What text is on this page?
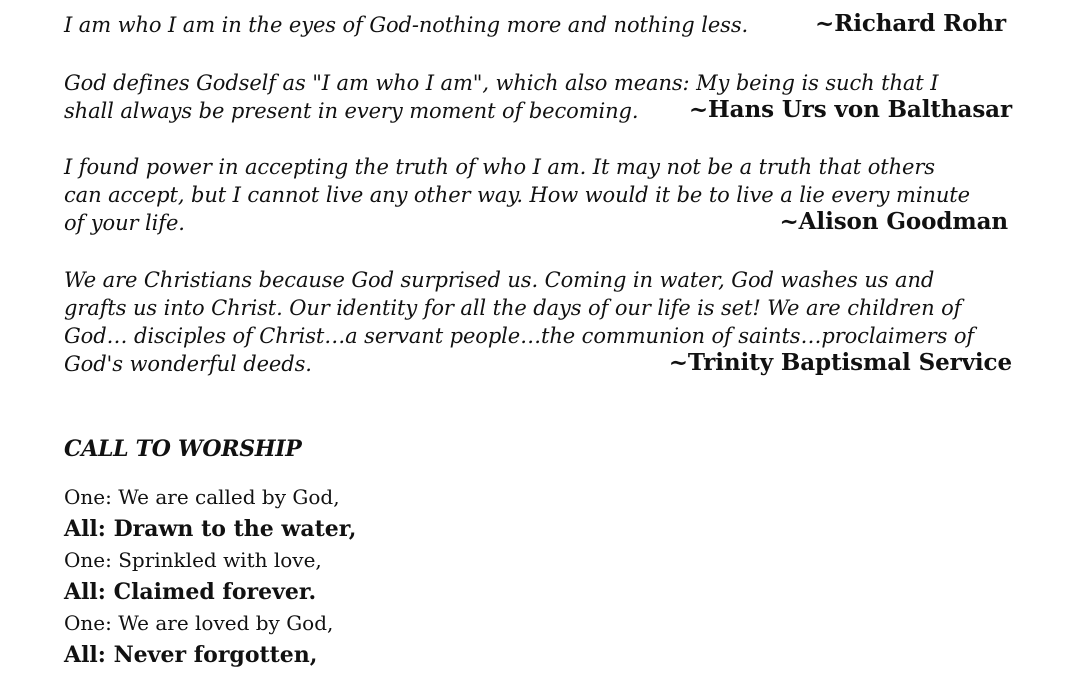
I am who I am in the eyes of God-nothing more and nothing less.	~Richard Rohr
God defines Godself as "I am who I am", which also means: My being is such that I
shall always be present in every moment of becoming. ~Hans Urs von Balthasar
I found power in accepting the truth of who I am. It may not be a truth that others
can accept, but I cannot live any other way. How would it be to live a lie every minute
of your life.	~Alison Goodman
We are Christians because God surprised us. Coming in water, God washes us and
grafts us into Christ. Our identity for all the days of our life is set! We are children of
God… disciples of Christ…a servant people…the communion of saints…proclaimers of
God's wonderful deeds.	~Trinity Baptismal Service
CALL TO WORSHIP
One: We are called by God,
All: Drawn to the water,
One: Sprinkled with love,
All: Claimed forever.
One: We are loved by God,
All: Never forgotten,
